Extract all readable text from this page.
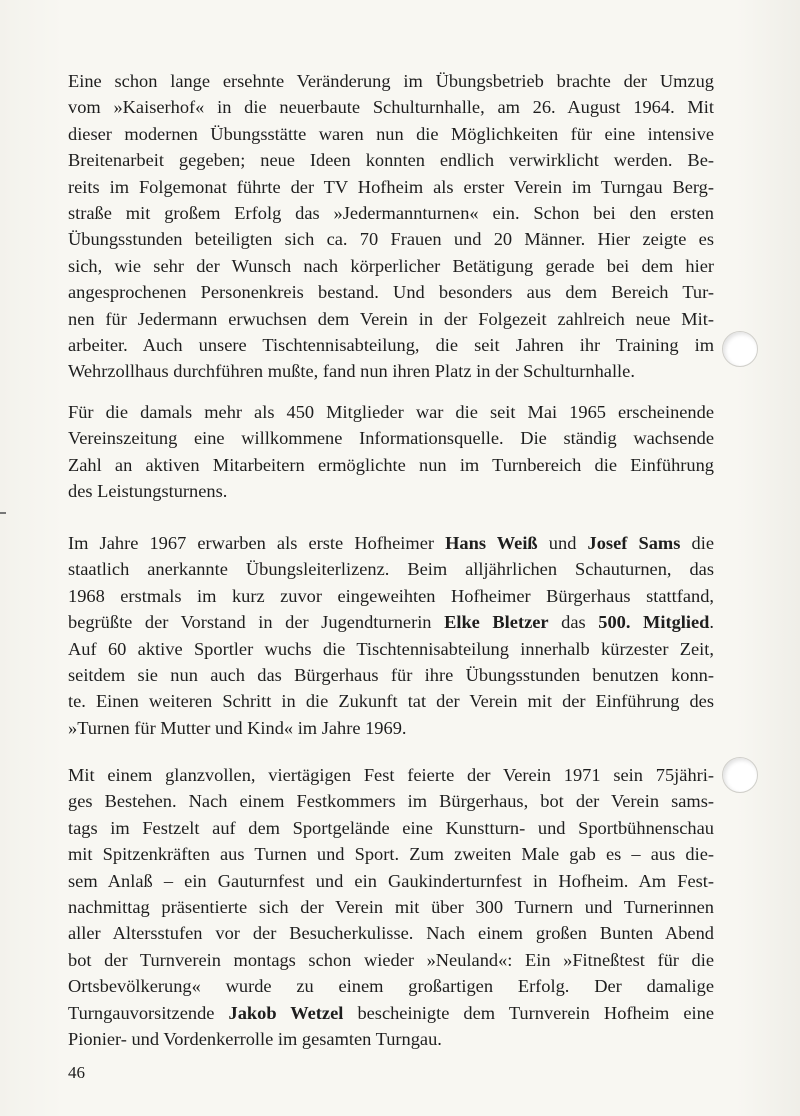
Eine schon lange ersehnte Veränderung im Übungsbetrieb brachte der Umzug
vom »Kaiserhof« in die neuerbaute Schulturnhalle, am 26. August 1964. Mit
dieser modernen Übungsstätte waren nun die Möglichkeiten für eine intensive
Breitenarbeit gegeben; neue Ideen konnten endlich verwirklicht werden. Be-
reits im Folgemonat führte der TV Hofheim als erster Verein im Turngau Berg-
straße mit großem Erfolg das »Jedermannturnen« ein. Schon bei den ersten
Übungsstunden beteiligten sich ca. 70 Frauen und 20 Männer. Hier zeigte es
sich, wie sehr der Wunsch nach körperlicher Betätigung gerade bei dem hier
angesprochenen Personenkreis bestand. Und besonders aus dem Bereich Tur-
nen für Jedermann erwuchsen dem Verein in der Folgezeit zahlreich neue Mit-
arbeiter. Auch unsere Tischtennisabteilung, die seit Jahren ihr Training im
Wehrzollhaus durchführen mußte, fand nun ihren Platz in der Schulturnhalle.
Für die damals mehr als 450 Mitglieder war die seit Mai 1965 erscheinende
Vereinszeitung eine willkommene Informationsquelle. Die ständig wachsende
Zahl an aktiven Mitarbeitern ermöglichte nun im Turnbereich die Einführung
des Leistungsturnens.
Im Jahre 1967 erwarben als erste Hofheimer Hans Weiß und Josef Sams die
staatlich anerkannte Übungsleiterlizenz. Beim alljährlichen Schauturnen, das
1968 erstmals im kurz zuvor eingeweihten Hofheimer Bürgerhaus stattfand,
begrüßte der Vorstand in der Jugendturnerin Elke Bletzer das 500. Mitglied.
Auf 60 aktive Sportler wuchs die Tischtennisabteilung innerhalb kürzester Zeit,
seitdem sie nun auch das Bürgerhaus für ihre Übungsstunden benutzen konn-
te. Einen weiteren Schritt in die Zukunft tat der Verein mit der Einführung des
»Turnen für Mutter und Kind« im Jahre 1969.
Mit einem glanzvollen, viertägigen Fest feierte der Verein 1971 sein 75jähri-
ges Bestehen. Nach einem Festkommers im Bürgerhaus, bot der Verein sams-
tags im Festzelt auf dem Sportgelände eine Kunstturn- und Sportbühnenschau
mit Spitzenkräften aus Turnen und Sport. Zum zweiten Male gab es – aus die-
sem Anlaß – ein Gauturnfest und ein Gaukinderturnfest in Hofheim. Am Fest-
nachmittag präsentierte sich der Verein mit über 300 Turnern und Turnerinnen
aller Altersstufen vor der Besucherkulisse. Nach einem großen Bunten Abend
bot der Turnverein montags schon wieder »Neuland«: Ein »Fitneßtest für die
Ortsbevölkerung« wurde zu einem großartigen Erfolg. Der damalige
Turngauvorsitzende Jakob Wetzel bescheinigte dem Turnverein Hofheim eine
Pionier- und Vordenkerrolle im gesamten Turngau.
46
